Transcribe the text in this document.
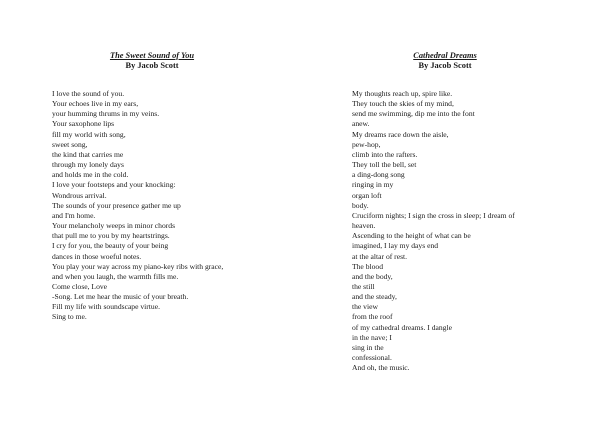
The Sweet Sound of You
By Jacob Scott
I love the sound of you.
Your echoes live in my ears,
your humming thrums in my veins.
Your saxophone lips
fill my world with song,
sweet song,
the kind that carries me
through my lonely days
and holds me in the cold.
I love your footsteps and your knocking:
Wondrous arrival.
The sounds of your presence gather me up
and I'm home.
Your melancholy weeps in minor chords
that pull me to you by my heartstrings.
I cry for you, the beauty of your being
dances in those woeful notes.
You play your way across my piano-key ribs with grace,
and when you laugh, the warmth fills me.
Come close, Love
-Song. Let me hear the music of your breath.
Fill my life with soundscape virtue.
Sing to me.
Cathedral Dreams
By Jacob Scott
My thoughts reach up, spire like.
They touch the skies of my mind,
send me swimming, dip me into the font
anew.
My dreams race down the aisle,
pew-hop,
climb into the rafters.
They toll the bell, set
a ding-dong song
ringing in my
organ loft
body.
Cruciform nights; I sign the cross in sleep; I dream of
heaven.
Ascending to the height of what can be
imagined, I lay my days end
at the altar of rest.
The blood
and the body,
the still
and the steady,
the view
from the roof
of my cathedral dreams. I dangle
in the nave; I
sing in the
confessional.
And oh, the music.
